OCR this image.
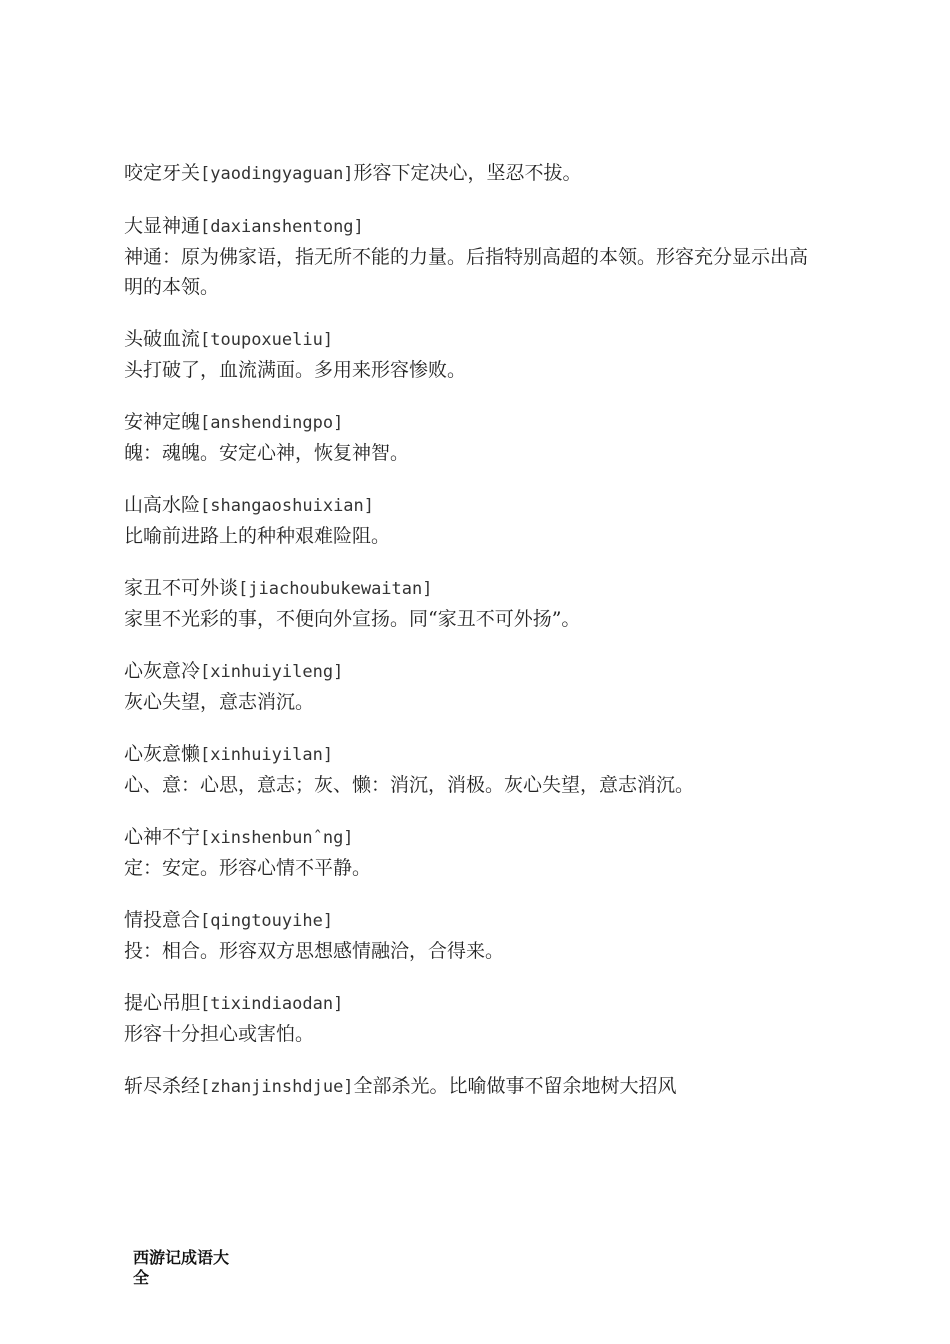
咬定牙关[yaodingyaguan]形容下定决心，坚忍不拔。

大显神通[daxianshentong]

神通：原为佛家语，指无所不能的力量。后指特别高超的本领。形容充分显示出高明的本领。

头破血流[toupoxueliu]

头打破了，血流满面。多用来形容惨败。

安神定魄[anshendingpo]

魄：魂魄。安定心神，恢复神智。

山高水险[shangaoshuixian]

比喻前进路上的种种艰难险阻。

家丑不可外谈[jiachoubukewaitan]

家里不光彩的事，不便向外宣扬。同“家丑不可外扬”。

心灰意冷[xinhuiyileng]

灰心失望，意志消沉。

心灰意懒[xinhuiyilan]

心、意：心思，意志；灰、懒：消沉，消极。灰心失望，意志消沉。

心神不宁[xinshenbunˆng]

定：安定。形容心情不平静。

情投意合[qingtouyihe]

投：相合。形容双方思想感情融洽，合得来。

提心吊胆[tixindiaodan]

形容十分担心或害怕。

斩尽杀经[zhanjinshdjue]全部杀光。比喻做事不留余地树大招风

西游记成语大全
